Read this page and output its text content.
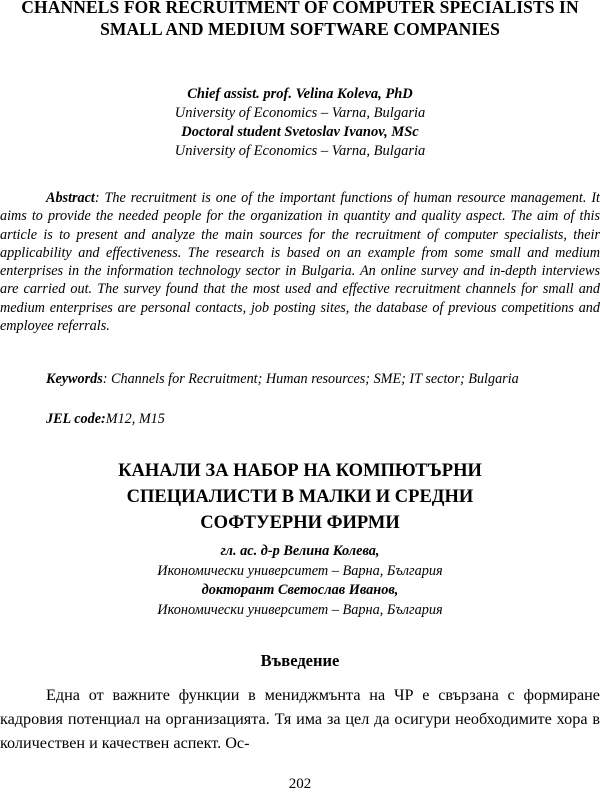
CHANNELS FOR RECRUITMENT OF COMPUTER SPECIALISTS IN SMALL AND MEDIUM SOFTWARE COMPANIES
Chief assist. prof. Velina Koleva, PhD
University of Economics – Varna, Bulgaria
Doctoral student Svetoslav Ivanov, MSc
University of Economics – Varna, Bulgaria

Abstract: The recruitment is one of the important functions of human resource management. It aims to provide the needed people for the organization in quantity and quality aspect. The aim of this article is to present and analyze the main sources for the recruitment of computer specialists, their applicability and effectiveness. The research is based on an example from some small and medium enterprises in the information technology sector in Bulgaria. An online survey and in-depth interviews are carried out. The survey found that the most used and effective recruitment channels for small and medium enterprises are personal contacts, job posting sites, the database of previous competitions and employee referrals.

Keywords: Channels for Recruitment; Human resources; SME; IT sector; Bulgaria

JEL code:M12, M15
КАНАЛИ ЗА НАБОР НА КОМПЮТЪРНИ
СПЕЦИАЛИСТИ В МАЛКИ И СРЕДНИ
СОФТУЕРНИ ФИРМИ
гл. ас. д-р Велина Колева,
Икономически университет – Варна, България
докторант Светослав Иванов,
Икономически университет – Варна, България
Въведение

Една от важните функции в мениджмънта на ЧР е свързана с формиране кадровия потенциал на организацията. Тя има за цел да осигури необходимите хора в количествен и качествен аспект. Ос-

202
